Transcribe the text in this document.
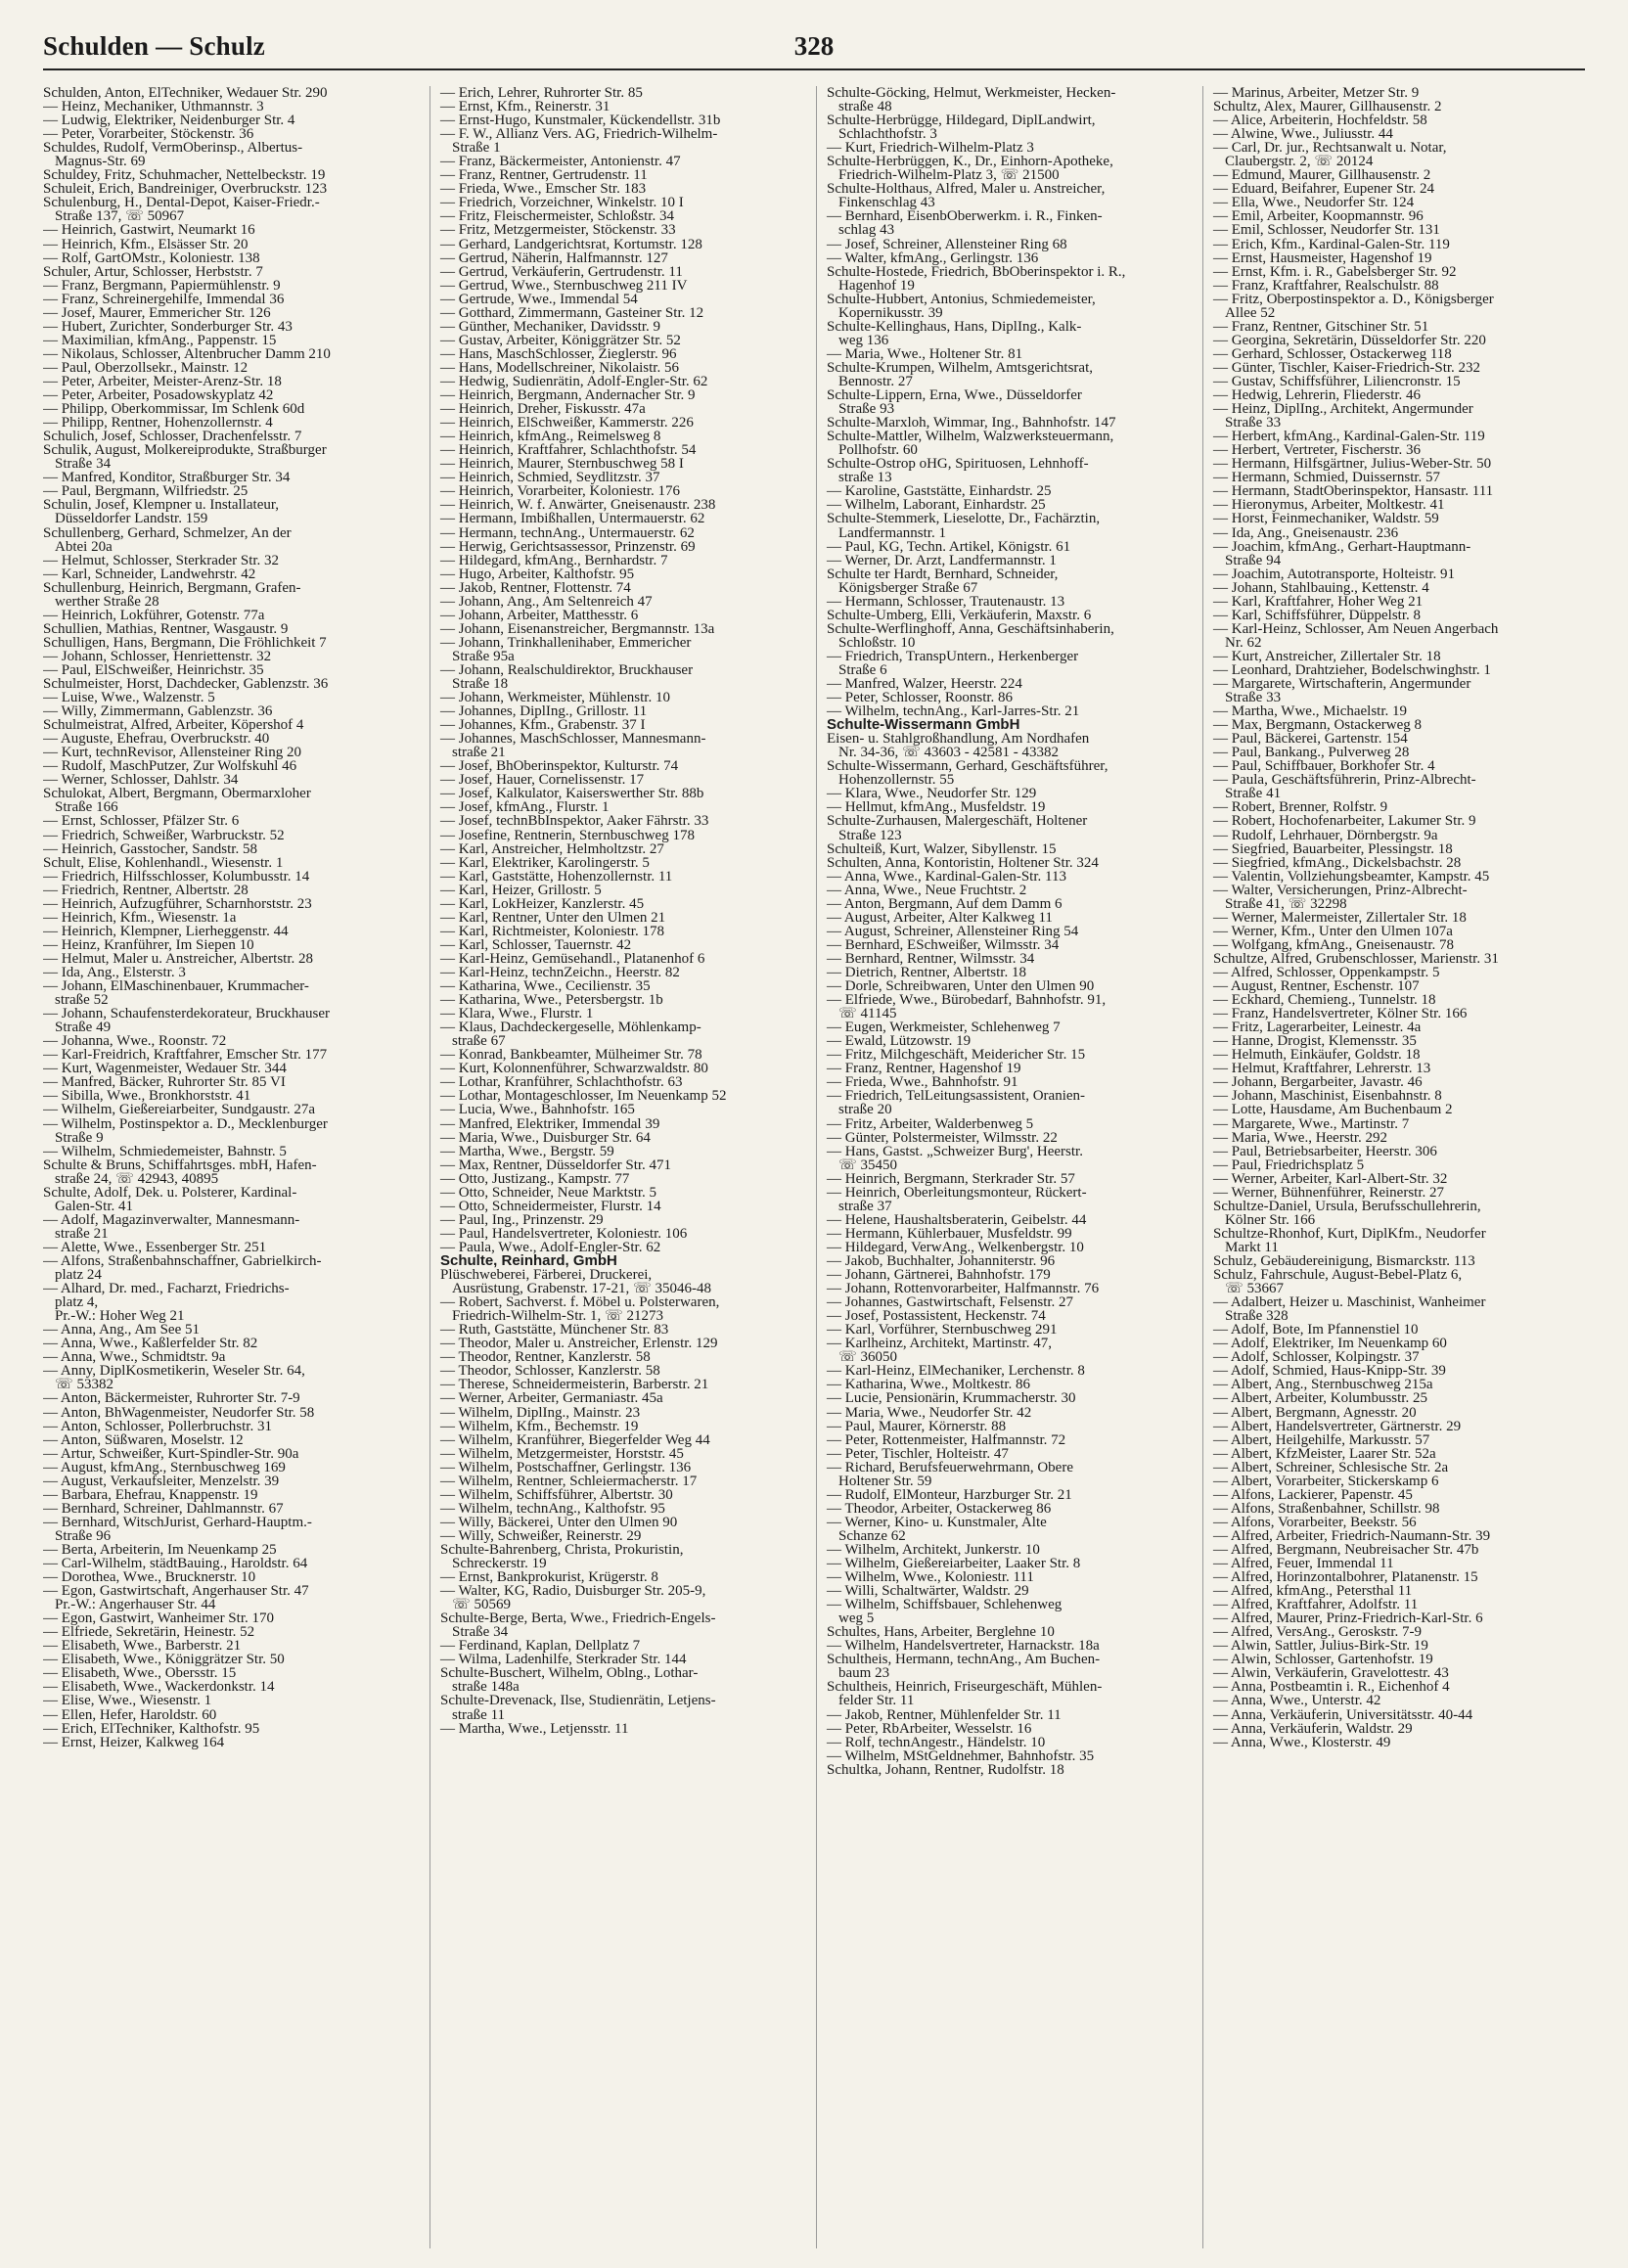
Schulden — Schulz	328
Schulden, Anton, ElTechniker, Wedauer Str. 290
— Heinz, Mechaniker, Uthmannstr. 3
— Ludwig, Elektriker, Neidenburger Str. 4
— Peter, Vorarbeiter, Stöckenstr. 36
Schuldes, Rudolf, VermOberinsp., Albertus-
Magnus-Str. 69
Schuldey, Fritz, Schuhmacher, Nettelbeckstr. 19
Schuleit, Erich, Bandreiniger, Overbruckstr. 123
Schulenburg, H., Dental-Depot, Kaiser-Friedr.-
Straße 137, ☏ 50967
— Heinrich, Gastwirt, Neumarkt 16
— Heinrich, Kfm., Elsässer Str. 20
— Rolf, GartOMstr., Koloniestr. 138
Schuler, Artur, Schlosser, Herbststr. 7
— Franz, Bergmann, Papiermühlenstr. 9
— Franz, Schreinergehilfe, Immendal 36
— Josef, Maurer, Emmericher Str. 126
— Hubert, Zurichter, Sonderburger Str. 43
— Maximilian, kfmAng., Pappenstr. 15
— Nikolaus, Schlosser, Altenbrucher Damm 210
— Paul, Oberzollsekr., Mainstr. 12
— Peter, Arbeiter, Meister-Arenz-Str. 18
— Peter, Arbeiter, Posadowskyplatz 42
— Philipp, Oberkommissar, Im Schlenk 60d
— Philipp, Rentner, Hohenzollernstr. 4
Schulich, Josef, Schlosser, Drachenfelsstr. 7
Schulik, August, Molkereiprodukte, Straßburger
Straße 34
— Manfred, Konditor, Straßburger Str. 34
— Paul, Bergmann, Wilfriedstr. 25
Schulin, Josef, Klempner u. Installateur,
Düsseldorfer Landstr. 159
Schullenberg, Gerhard, Schmelzer, An der
Abtei 20a
— Helmut, Schlosser, Sterkrader Str. 32
— Karl, Schneider, Landwehrstr. 42
Schullenburg, Heinrich, Bergmann, Grafen-
werther Straße 28
— Heinrich, Lokführer, Gotenstr. 77a
Schullien, Mathias, Rentner, Wasgaustr. 9
Schulligen, Hans, Bergmann, Die Fröhlichkeit 7
— Johann, Schlosser, Henriettenstr. 32
— Paul, ElSchweißer, Heinrichstr. 35
Schulmeister, Horst, Dachdecker, Gablenzstr. 36
— Luise, Wwe., Walzenstr. 5
— Willy, Zimmermann, Gablenzstr. 36
Schulmeistrat, Alfred, Arbeiter, Köpershof 4
— Auguste, Ehefrau, Overbruckstr. 40
— Kurt, technRevisor, Allensteiner Ring 20
— Rudolf, MaschPutzer, Zur Wolfskuhl 46
— Werner, Schlosser, Dahlstr. 34
Schulokat, Albert, Bergmann, Obermarxloher
Straße 166
— Ernst, Schlosser, Pfälzer Str. 6
— Friedrich, Schweißer, Warbruckstr. 52
— Heinrich, Gasstocher, Sandstr. 58
Schult, Elise, Kohlenhandl., Wiesenstr. 1
— Friedrich, Hilfsschlosser, Kolumbusstr. 14
— Friedrich, Rentner, Albertstr. 28
— Heinrich, Aufzugführer, Scharnhorststr. 23
— Heinrich, Kfm., Wiesenstr. 1a
— Heinrich, Klempner, Lierheggenstr. 44
— Heinz, Kranführer, Im Siepen 10
— Helmut, Maler u. Anstreicher, Albertstr. 28
— Ida, Ang., Elsterstr. 3
— Johann, ElMaschinenbauer, Krummacher-
straße 52
— Johann, Schaufensterdekorateur, Bruckhauser
Straße 49
— Johanna, Wwe., Roonstr. 72
— Karl-Freidrich, Kraftfahrer, Emscher Str. 177
— Kurt, Wagenmeister, Wedauer Str. 344
— Manfred, Bäcker, Ruhrorter Str. 85 VI
— Sibilla, Wwe., Bronkhorststr. 41
— Wilhelm, Gießereiarbeiter, Sundgaustr. 27a
— Wilhelm, Postinspektor a. D., Mecklenburger
Straße 9
— Wilhelm, Schmiedemeister, Bahnstr. 5
Schulte & Bruns, Schiffahrtsges. mbH, Hafen-
straße 24, ☏ 42943, 40895
Schulte, Adolf, Dek. u. Polsterer, Kardinal-
Galen-Str. 41
— Adolf, Magazinverwalter, Mannesmann-
straße 21
— Alette, Wwe., Essenberger Str. 251
— Alfons, Straßenbahnschaffner, Gabrielkirch-
platz 24
— Alhard, Dr. med., Facharzt, Friedrichs-
platz 4,
Pr.-W.: Hoher Weg 21
— Anna, Ang., Am See 51
— Anna, Wwe., Kaßlerfelder Str. 82
— Anna, Wwe., Schmidtstr. 9a
— Anny, DiplKosmetikerin, Weseler Str. 64,
☏ 53382
— Anton, Bäckermeister, Ruhrorter Str. 7-9
— Anton, BhWagenmeister, Neudorfer Str. 58
— Anton, Schlosser, Pollerbruchstr. 31
— Anton, Süßwaren, Moselstr. 12
— Artur, Schweißer, Kurt-Spindler-Str. 90a
— August, kfmAng., Sternbuschweg 169
— August, Verkaufsleiter, Menzelstr. 39
— Barbara, Ehefrau, Knappenstr. 19
— Bernhard, Schreiner, Dahlmannstr. 67
— Bernhard, WitschJurist, Gerhard-Hauptm.-
Straße 96
— Berta, Arbeiterin, Im Neuenkamp 25
— Carl-Wilhelm, städtBauing., Haroldstr. 64
— Dorothea, Wwe., Brucknerstr. 10
— Egon, Gastwirtschaft, Angerhauser Str. 47
Pr.-W.: Angerhauser Str. 44
— Egon, Gastwirt, Wanheimer Str. 170
— Elfriede, Sekretärin, Heinestr. 52
— Elisabeth, Wwe., Barberstr. 21
— Elisabeth, Wwe., Königgrätzer Str. 50
— Elisabeth, Wwe., Obersstr. 15
— Elisabeth, Wwe., Wackerdonkstr. 14
— Elise, Wwe., Wiesenstr. 1
— Ellen, Hefer, Haroldstr. 60
— Erich, ElTechniker, Kalthofstr. 95
— Ernst, Heizer, Kalkweg 164
— Erich, Lehrer, Ruhrorter Str. 85
— Ernst, Kfm., Reinerstr. 31
— Ernst-Hugo, Kunstmaler, Kückendellstr. 31b
— F. W., Allianz Vers. AG, Friedrich-Wilhelm-
Straße 1
— Franz, Bäckermeister, Antonienstr. 47
— Franz, Rentner, Gertrudenstr. 11
— Frieda, Wwe., Emscher Str. 183
— Friedrich, Vorzeichner, Winkelstr. 10 I
— Fritz, Fleischermeister, Schloßstr. 34
— Fritz, Metzgermeister, Stöckenstr. 33
— Gerhard, Landgerichtsrat, Kortumstr. 128
— Gertrud, Näherin, Halfmannstr. 127
— Gertrud, Verkäuferin, Gertrudenstr. 11
— Gertrud, Wwe., Sternbuschweg 211 IV
— Gertrude, Wwe., Immendal 54
— Gotthard, Zimmermann, Gasteiner Str. 12
— Günther, Mechaniker, Davidsstr. 9
— Gustav, Arbeiter, Königgrätzer Str. 52
— Hans, MaschSchlosser, Zieglerstr. 96
— Hans, Modellschreiner, Nikolaistr. 56
— Hedwig, Sudienrätin, Adolf-Engler-Str. 62
— Heinrich, Bergmann, Andernacher Str. 9
— Heinrich, Dreher, Fiskusstr. 47a
— Heinrich, ElSchweißer, Kammerstr. 226
— Heinrich, kfmAng., Reimelsweg 8
— Heinrich, Kraftfahrer, Schlachthofstr. 54
— Heinrich, Maurer, Sternbuschweg 58 I
— Heinrich, Schmied, Seydlitzstr. 37
— Heinrich, Vorarbeiter, Koloniestr. 176
— Heinrich, W. f. Anwärter, Gneisenaustr. 238
— Hermann, Imbißhallen, Untermauerstr. 62
— Hermann, technAng., Untermauerstr. 62
— Herwig, Gerichtsassessor, Prinzenstr. 69
— Hildegard, kfmAng., Bernhardstr. 7
— Hugo, Arbeiter, Kalthofstr. 95
— Jakob, Rentner, Flottenstr. 74
— Johann, Ang., Am Seltenreich 47
— Johann, Arbeiter, Matthesstr. 6
— Johann, Eisenanstreicher, Bergmannstr. 13a
— Johann, Trinkhallenihaber, Emmericher
Straße 95a
— Johann, Realschuldirektor, Bruckhauser
Straße 18
— Johann, Werkmeister, Mühlenstr. 10
— Johannes, DiplIng., Grillostr. 11
— Johannes, Kfm., Grabenstr. 37 I
— Johannes, MaschSchlosser, Mannesmann-
straße 21
— Josef, BhOberinspektor, Kulturstr. 74
— Josef, Hauer, Cornelissenstr. 17
— Josef, Kalkulator, Kaiserswerther Str. 88b
— Josef, kfmAng., Flurstr. 1
— Josef, technBbInspektor, Aaker Fährstr. 33
— Josefine, Rentnerin, Sternbuschweg 178
— Karl, Anstreicher, Helmholtzstr. 27
— Karl, Elektriker, Karolingerstr. 5
— Karl, Gaststätte, Hohenzollernstr. 11
— Karl, Heizer, Grillostr. 5
— Karl, LokHeizer, Kanzlerstr. 45
— Karl, Rentner, Unter den Ulmen 21
— Karl, Richtmeister, Koloniestr. 178
— Karl, Schlosser, Tauernstr. 42
— Karl-Heinz, Gemüsehandl., Platanenhof 6
— Karl-Heinz, technZeichn., Heerstr. 82
— Katharina, Wwe., Cecilienstr. 35
— Katharina, Wwe., Petersbergstr. 1b
— Klara, Wwe., Flurstr. 1
— Klaus, Dachdeckergeselle, Möhlenkamp-
straße 67
— Konrad, Bankbeamter, Mülheimer Str. 78
— Kurt, Kolonnenführer, Schwarzwaldstr. 80
— Lothar, Kranführer, Schlachthofstr. 63
— Lothar, Montageschlosser, Im Neuenkamp 52
— Lucia, Wwe., Bahnhofstr. 165
— Manfred, Elektriker, Immendal 39
— Maria, Wwe., Duisburger Str. 64
— Martha, Wwe., Bergstr. 59
— Max, Rentner, Düsseldorfer Str. 471
— Otto, Justizang., Kampstr. 77
— Otto, Schneider, Neue Marktstr. 5
— Otto, Schneidermeister, Flurstr. 14
— Paul, Ing., Prinzenstr. 29
— Paul, Handelsvertreter, Koloniestr. 106
— Paula, Wwe., Adolf-Engler-Str. 62
Schulte, Reinhard, GmbH
Plüschweberei, Färberei, Druckerei,
Ausrüstung, Grabenstr. 17-21, ☏ 35046-48
— Robert, Sachverst. f. Möbel u. Polsterwaren,
Friedrich-Wilhelm-Str. 1, ☏ 21273
— Ruth, Gaststätte, Münchener Str. 83
— Theodor, Maler u. Anstreicher, Erlenstr. 129
— Theodor, Rentner, Kanzlerstr. 58
— Theodor, Schlosser, Kanzlerstr. 58
— Therese, Schneidermeisterin, Barberstr. 21
— Werner, Arbeiter, Germaniastr. 45a
— Wilhelm, DiplIng., Mainstr. 23
— Wilhelm, Kfm., Bechemstr. 19
— Wilhelm, Kranführer, Biegerfelder Weg 44
— Wilhelm, Metzgermeister, Horststr. 45
— Wilhelm, Postschaffner, Gerlingstr. 136
— Wilhelm, Rentner, Schleiermacherstr. 17
— Wilhelm, Schiffsführer, Albertstr. 30
— Wilhelm, technAng., Kalthofstr. 95
— Willy, Bäckerei, Unter den Ulmen 90
— Willy, Schweißer, Reinerstr. 29
Schulte-Bahrenberg, Christa, Prokuristin,
Schreckerstr. 19
— Ernst, Bankprokurist, Krügerstr. 8
— Walter, KG, Radio, Duisburger Str. 205-9,
☏ 50569
Schulte-Berge, Berta, Wwe., Friedrich-Engels-
Straße 34
— Ferdinand, Kaplan, Dellplatz 7
— Wilma, Ladenhilfe, Sterkrader Str. 144
Schulte-Buschert, Wilhelm, Oblng., Lothar-
straße 148a
Schulte-Drevenack, Ilse, Studienrätin, Letjens-
straße 11
— Martha, Wwe., Letjensstr. 11
Schulte-Göcking, Helmut, Werkmeister, Hecken-
straße 48
Schulte-Herbrügge, Hildegard, DiplLandwirt,
Schlachthofstr. 3
— Kurt, Friedrich-Wilhelm-Platz 3
Schulte-Herbrüggen, K., Dr., Einhorn-Apotheke,
Friedrich-Wilhelm-Platz 3, ☏ 21500
Schulte-Holthaus, Alfred, Maler u. Anstreicher,
Finkenschlag 43
— Bernhard, EisenbOberwerkm. i. R., Finken-
schlag 43
— Josef, Schreiner, Allensteiner Ring 68
— Walter, kfmAng., Gerlingstr. 136
Schulte-Hostede, Friedrich, BbOberinspektor i. R.,
Hagenhof 19
Schulte-Hubbert, Antonius, Schmiedemeister,
Kopernikusstr. 39
Schulte-Kellinghaus, Hans, DiplIng., Kalk-
weg 136
— Maria, Wwe., Holtener Str. 81
Schulte-Krumpen, Wilhelm, Amtsgerichtsrat,
Bennostr. 27
Schulte-Lippern, Erna, Wwe., Düsseldorfer
Straße 93
Schulte-Marxloh, Wimmar, Ing., Bahnhofstr. 147
Schulte-Mattler, Wilhelm, Walzwerksteuermann,
Pollhofstr. 60
Schulte-Ostrop oHG, Spirituosen, Lehnhoff-
straße 13
— Karoline, Gaststätte, Einhardstr. 25
— Wilhelm, Laborant, Einhardstr. 25
Schulte-Stemmerk, Lieselotte, Dr., Fachärztin,
Landfermannstr. 1
— Paul, KG, Techn. Artikel, Königstr. 61
— Werner, Dr. Arzt, Landfermannstr. 1
Schulte ter Hardt, Bernhard, Schneider,
Königsberger Straße 67
— Hermann, Schlosser, Trautenaustr. 13
Schulte-Umberg, Elli, Verkäuferin, Maxstr. 6
Schulte-Werflinghoff, Anna, Geschäftsinhaberin,
Schloßstr. 10
— Friedrich, TranspUntern., Herkenberger
Straße 6
— Manfred, Walzer, Heerstr. 224
— Peter, Schlosser, Roonstr. 86
— Wilhelm, technAng., Karl-Jarres-Str. 21
Schulte-Wissermann GmbH
Eisen- u. Stahlgroßhandlung, Am Nordhafen
Nr. 34-36, ☏ 43603 - 42581 - 43382
Schulte-Wissermann, Gerhard, Geschäftsführer,
Hohenzollernstr. 55
— Klara, Wwe., Neudorfer Str. 129
— Hellmut, kfmAng., Musfeldstr. 19
Schulte-Zurhausen, Malergeschäft, Holtener
Straße 123
Schulteiß, Kurt, Walzer, Sibyllenstr. 15
Schulten, Anna, Kontoristin, Holtener Str. 324
— Anna, Wwe., Kardinal-Galen-Str. 113
— Anna, Wwe., Neue Fruchtstr. 2
— Anton, Bergmann, Auf dem Damm 6
— August, Arbeiter, Alter Kalkweg 11
— August, Schreiner, Allensteiner Ring 54
— Bernhard, ESchweißer, Wilmsstr. 34
— Bernhard, Rentner, Wilmsstr. 34
— Dietrich, Rentner, Albertstr. 18
— Dorle, Schreibwaren, Unter den Ulmen 90
— Elfriede, Wwe., Bürobedarf, Bahnhofstr. 91,
☏ 41145
— Eugen, Werkmeister, Schlehenweg 7
— Ewald, Lützowstr. 19
— Fritz, Milchgeschäft, Meidericher Str. 15
— Franz, Rentner, Hagenshof 19
— Frieda, Wwe., Bahnhofstr. 91
— Friedrich, TelLeitungsassistent, Oranien-
straße 20
— Fritz, Arbeiter, Walderbenweg 5
— Günter, Polstermeister, Wilmsstr. 22
— Hans, Gastst. „Schweizer Burg', Heerstr.
☏ 35450
— Heinrich, Bergmann, Sterkrader Str. 57
— Heinrich, Oberleitungsmonteur, Rückert-
straße 37
— Helene, Haushaltsberaterin, Geibelstr. 44
— Hermann, Kühlerbauer, Musfeldstr. 99
— Hildegard, VerwAng., Welkenbergstr. 10
— Jakob, Buchhalter, Johanniterstr. 96
— Johann, Gärtnerei, Bahnhofstr. 179
— Johann, Rottenvorarbeiter, Halfmannstr. 76
— Johannes, Gastwirtschaft, Felsenstr. 27
— Josef, Postassistent, Heckenstr. 74
— Karl, Vorführer, Sternbuschweg 291
— Karlheinz, Architekt, Martinstr. 47,
☏ 36050
— Karl-Heinz, ElMechaniker, Lerchenstr. 8
— Katharina, Wwe., Moltkestr. 86
— Lucie, Pensionärin, Krummacherstr. 30
— Maria, Wwe., Neudorfer Str. 42
— Paul, Maurer, Körnerstr. 88
— Peter, Rottenmeister, Halfmannstr. 72
— Peter, Tischler, Holteistr. 47
— Richard, Berufsfeuerwehrmann, Obere
Holtener Str. 59
— Rudolf, ElMonteur, Harzburger Str. 21
— Theodor, Arbeiter, Ostackerweg 86
— Werner, Kino- u. Kunstmaler, Alte
Schanze 62
— Wilhelm, Architekt, Junkerstr. 10
— Wilhelm, Gießereiarbeiter, Laaker Str. 8
— Wilhelm, Wwe., Koloniestr. 111
— Willi, Schaltwärter, Waldstr. 29
— Wilhelm, Schiffsbauer, Schlehenweg
weg 5
Schultes, Hans, Arbeiter, Berglehne 10
— Wilhelm, Handelsvertreter, Harnackstr. 18a
Schultheis, Hermann, technAng., Am Buchen-
baum 23
Schultheis, Heinrich, Friseurgeschäft, Mühlen-
felder Str. 11
— Jakob, Rentner, Mühlenfelder Str. 11
— Peter, RbArbeiter, Wesselstr. 16
— Rolf, technAngestr., Händelstr. 10
— Wilhelm, MStGeldnehmer, Bahnhofstr. 35
Schultka, Johann, Rentner, Rudolfstr. 18
— Marinus, Arbeiter, Metzer Str. 9
Schultz, Alex, Maurer, Gillhausenstr. 2
— Alice, Arbeiterin, Hochfeldstr. 58
— Alwine, Wwe., Juliusstr. 44
— Carl, Dr. jur., Rechtsanwalt u. Notar,
Claubergstr. 2, ☏ 20124
— Edmund, Maurer, Gillhausenstr. 2
— Eduard, Beifahrer, Eupener Str. 24
— Ella, Wwe., Neudorfer Str. 124
— Emil, Arbeiter, Koopmannstr. 96
— Emil, Schlosser, Neudorfer Str. 131
— Erich, Kfm., Kardinal-Galen-Str. 119
— Ernst, Hausmeister, Hagenshof 19
— Ernst, Kfm. i. R., Gabelsberger Str. 92
— Franz, Kraftfahrer, Realschulstr. 88
— Fritz, Oberpostinspektor a. D., Königsberger
Allee 52
— Franz, Rentner, Gitschiner Str. 51
— Georgina, Sekretärin, Düsseldorfer Str. 220
— Gerhard, Schlosser, Ostackerweg 118
— Günter, Tischler, Kaiser-Friedrich-Str. 232
— Gustav, Schiffsführer, Liliencronstr. 15
— Hedwig, Lehrerin, Fliederstr. 46
— Heinz, DiplIng., Architekt, Angermunder
Straße 33
— Herbert, kfmAng., Kardinal-Galen-Str. 119
— Herbert, Vertreter, Fischerstr. 36
— Hermann, Hilfsgärtner, Julius-Weber-Str. 50
— Hermann, Schmied, Duissernstr. 57
— Hermann, StadtOberinspektor, Hansastr. 111
— Hieronymus, Arbeiter, Moltkestr. 41
— Horst, Feinmechaniker, Waldstr. 59
— Ida, Ang., Gneisenaustr. 236
— Joachim, kfmAng., Gerhart-Hauptmann-
Straße 94
— Joachim, Autotransporte, Holteistr. 91
— Johann, Stahlbauing., Kettenstr. 4
— Karl, Kraftfahrer, Hoher Weg 21
— Karl, Schiffsführer, Düppelstr. 8
— Karl-Heinz, Schlosser, Am Neuen Angerbach
Nr. 62
— Kurt, Anstreicher, Zillertaler Str. 18
— Leonhard, Drahtzieher, Bodelschwinghstr. 1
— Margarete, Wirtschafterin, Angermunder
Straße 33
— Martha, Wwe., Michaelstr. 19
— Max, Bergmann, Ostackerweg 8
— Paul, Bäckerei, Gartenstr. 154
— Paul, Bankang., Pulverweg 28
— Paul, Schiffbauer, Borkhofer Str. 4
— Paula, Geschäftsführerin, Prinz-Albrecht-
Straße 41
— Robert, Brenner, Rolfstr. 9
— Robert, Hochofenarbeiter, Lakumer Str. 9
— Rudolf, Lehrhauer, Dörnbergstr. 9a
— Siegfried, Bauarbeiter, Plessingstr. 18
— Siegfried, kfmAng., Dickelsbachstr. 28
— Valentin, Vollziehungsbeamter, Kampstr. 45
— Walter, Versicherungen, Prinz-Albrecht-
Straße 41, ☏ 32298
— Werner, Malermeister, Zillertaler Str. 18
— Werner, Kfm., Unter den Ulmen 107a
— Wolfgang, kfmAng., Gneisenaustr. 78
Schultze, Alfred, Grubenschlosser, Marienstr. 31
— Alfred, Schlosser, Oppenkampstr. 5
— August, Rentner, Eschenstr. 107
— Eckhard, Chemieng., Tunnelstr. 18
— Franz, Handelsvertreter, Kölner Str. 166
— Fritz, Lagerarbeiter, Leinestr. 4a
— Hanne, Drogist, Klemensstr. 35
— Helmuth, Einkäufer, Goldstr. 18
— Helmut, Kraftfahrer, Lehrerstr. 13
— Johann, Bergarbeiter, Javastr. 46
— Johann, Maschinist, Eisenbahnstr. 8
— Lotte, Hausdame, Am Buchenbaum 2
— Margarete, Wwe., Martinstr. 7
— Maria, Wwe., Heerstr. 292
— Paul, Betriebsarbeiter, Heerstr. 306
— Paul, Friedrichsplatz 5
— Werner, Arbeiter, Karl-Albert-Str. 32
— Werner, Bühnenführer, Reinerstr. 27
Schultze-Daniel, Ursula, Berufsschullehrerin,
Kölner Str. 166
Schultze-Rhonhof, Kurt, DiplKfm., Neudorfer
Markt 11
Schulz, Gebäudereinigung, Bismarckstr. 113
Schulz, Fahrschule, August-Bebel-Platz 6,
☏ 53667
— Adalbert, Heizer u. Maschinist, Wanheimer
Straße 328
— Adolf, Bote, Im Pfannenstiel 10
— Adolf, Elektriker, Im Neuenkamp 60
— Adolf, Schlosser, Kolpingstr. 37
— Adolf, Schmied, Haus-Knipp-Str. 39
— Albert, Ang., Sternbuschweg 215a
— Albert, Arbeiter, Kolumbusstr. 25
— Albert, Bergmann, Agnesstr. 20
— Albert, Handelsvertreter, Gärtnerstr. 29
— Albert, Heilgehilfe, Markusstr. 57
— Albert, KfzMeister, Laarer Str. 52a
— Albert, Schreiner, Schlesische Str. 2a
— Albert, Vorarbeiter, Stickerskamp 6
— Alfons, Lackierer, Papenstr. 45
— Alfons, Straßenbahner, Schillstr. 98
— Alfons, Vorarbeiter, Beekstr. 56
— Alfred, Arbeiter, Friedrich-Naumann-Str. 39
— Alfred, Bergmann, Neubreisacher Str. 47b
— Alfred, Feuer, Immendal 11
— Alfred, Horinzontalbohrer, Platanenstr. 15
— Alfred, kfmAng., Petersthal 11
— Alfred, Kraftfahrer, Adolfstr. 11
— Alfred, Maurer, Prinz-Friedrich-Karl-Str. 6
— Alfred, VersAng., Geroskstr. 7-9
— Alwin, Sattler, Julius-Birk-Str. 19
— Alwin, Schlosser, Gartenhofstr. 19
— Alwin, Verkäuferin, Gravelottestr. 43
— Anna, Postbeamtin i. R., Eichenhof 4
— Anna, Wwe., Unterstr. 42
— Anna, Verkäuferin, Universitätsstr. 40-44
— Anna, Verkäuferin, Waldstr. 29
— Anna, Wwe., Klosterstr. 49
